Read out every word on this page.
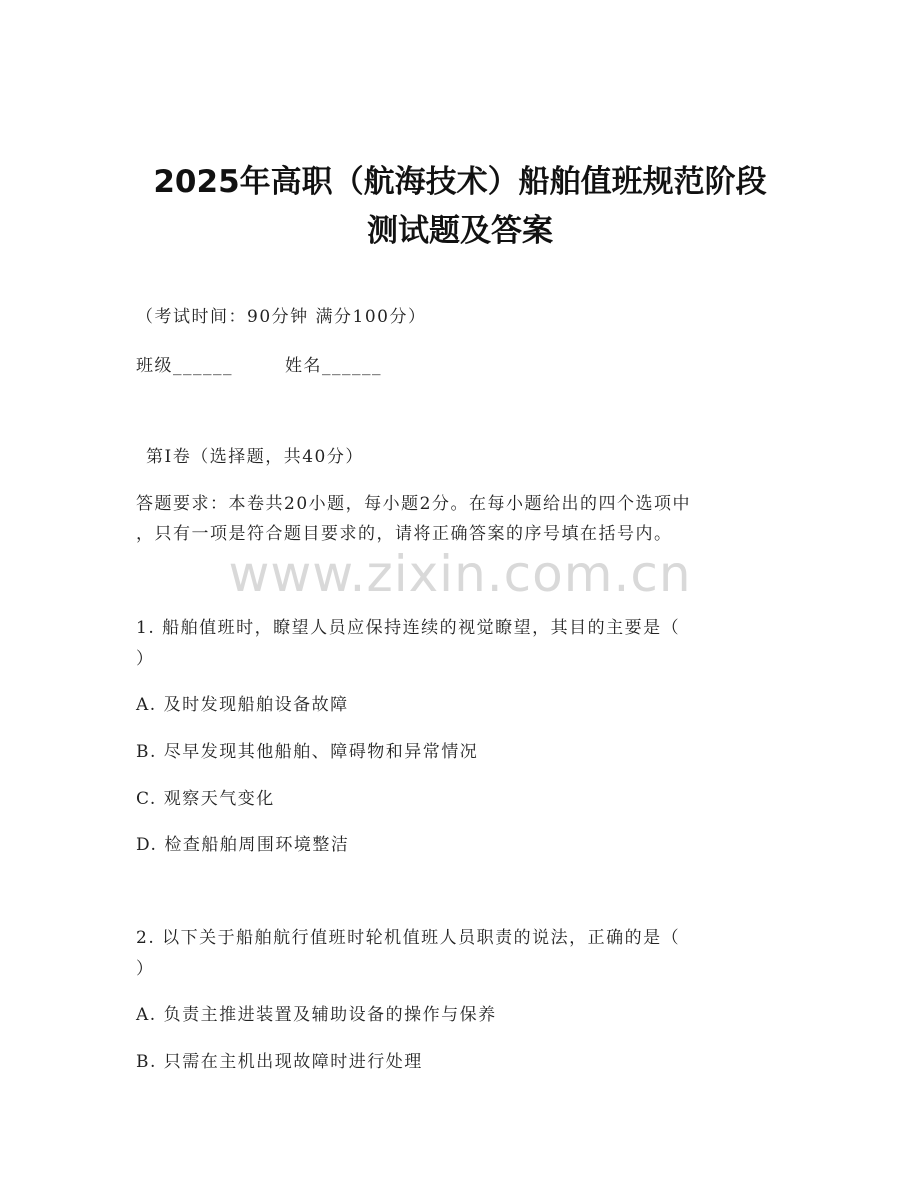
2025年高职（航海技术）船舶值班规范阶段
测试题及答案
（考试时间：90分钟 满分100分）
班级______	姓名______
第I卷（选择题，共40分）
答题要求：本卷共20小题，每小题2分。在每小题给出的四个选项中
，只有一项是符合题目要求的，请将正确答案的序号填在括号内。
www.zixin.com.cn
1. 船舶值班时，瞭望人员应保持连续的视觉瞭望，其目的主要是（
）
A. 及时发现船舶设备故障
B. 尽早发现其他船舶、障碍物和异常情况
C. 观察天气变化
D. 检查船舶周围环境整洁
2. 以下关于船舶航行值班时轮机值班人员职责的说法，正确的是（
）
A. 负责主推进装置及辅助设备的操作与保养
B. 只需在主机出现故障时进行处理
